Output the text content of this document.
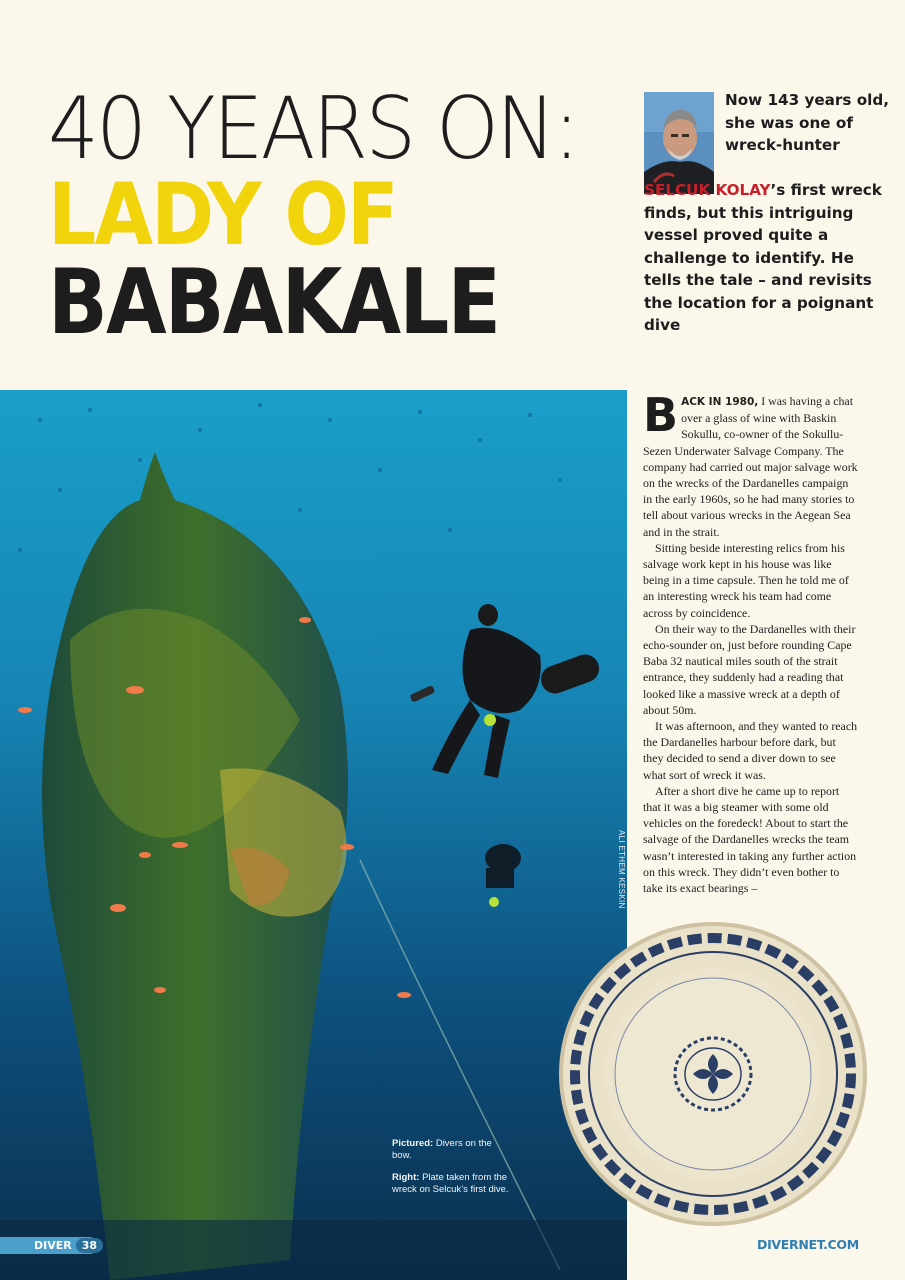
40 YEARS ON:
LADY OF
BABAKALE
Now 143 years old, she was one of wreck-hunter
SELCUK KOLAY’s first wreck finds, but this intriguing vessel proved quite a challenge to identify. He tells the tale – and revisits the location for a poignant dive
ALI ETHEM KESKIN

Pictured: Divers on the bow.

Right: Plate taken from the wreck on Selcuk’s first dive.

BACK IN 1980, I was having a chat over a glass of wine with Baskin Sokullu, co-owner of the Sokullu-Sezen Underwater Salvage Company. The company had carried out major salvage work on the wrecks of the Dardanelles campaign in the early 1960s, so he had many stories to tell about various wrecks in the Aegean Sea and in the strait.

Sitting beside interesting relics from his salvage work kept in his house was like being in a time capsule. Then he told me of an interesting wreck his team had come across by coincidence.

On their way to the Dardanelles with their echo-sounder on, just before rounding Cape Baba 32 nautical miles south of the strait entrance, they suddenly had a reading that looked like a massive wreck at a depth of about 50m.

It was afternoon, and they wanted to reach the Dardanelles harbour before dark, but they decided to send a diver down to see what sort of wreck it was.

After a short dive he came up to report that it was a big steamer with some old vehicles on the foredeck! About to start the salvage of the Dardanelles wrecks the team wasn’t interested in taking any further action on this wreck. They didn’t even bother to take its exact bearings –

DIVER 38	DIVERNET.COM
